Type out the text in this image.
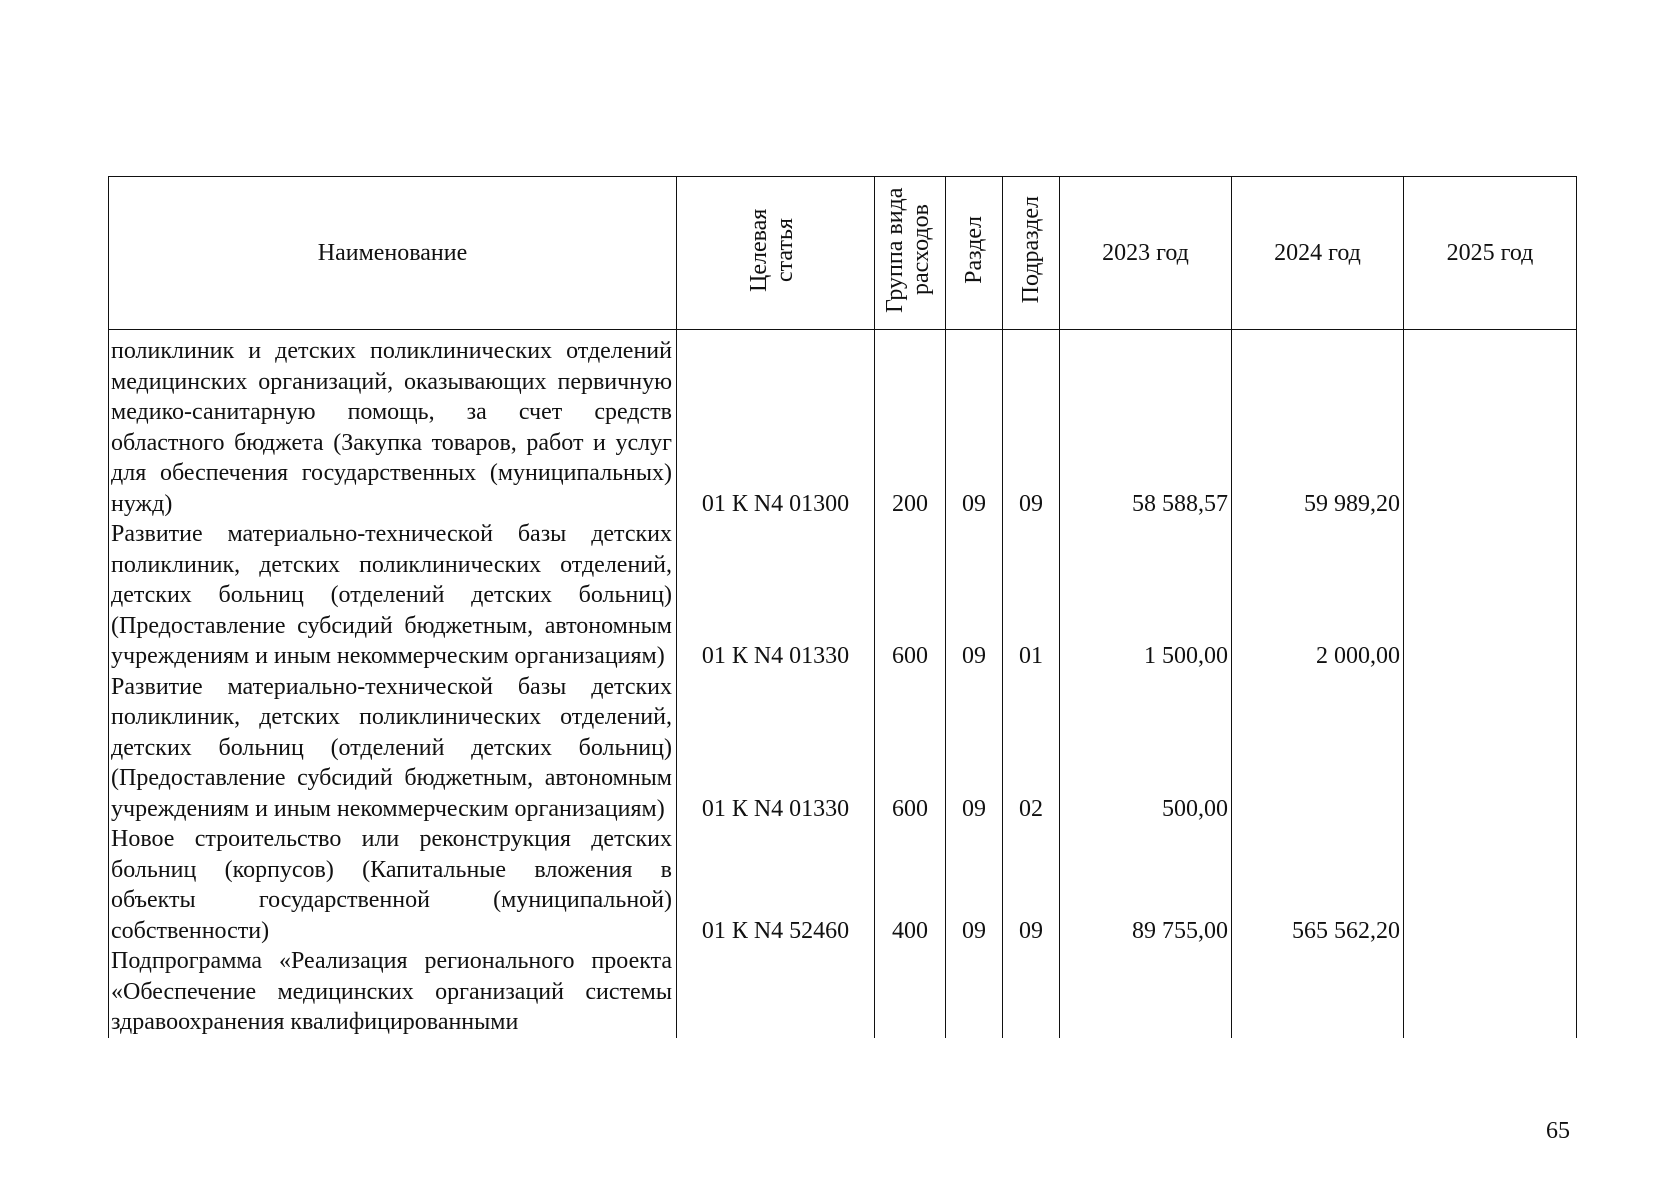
Наименование	Целевая статья	Группа вида расходов	Раздел	Подраздел	2023 год	2024 год	2025 год
поликлиник и детских поликлинических отделений медицинских организаций, оказывающих первичную медико-санитарную помощь, за счет средств областного бюджета (Закупка товаров, работ и услуг для обеспечения государственных (муниципальных) нужд)	01 К N4 01300	200	09	09	58 588,57	59 989,20	
Развитие материально-технической базы детских поликлиник, детских поликлинических отделений, детских больниц (отделений детских больниц) (Предоставление субсидий бюджетным, автономным учреждениям и иным некоммерческим организациям)	01 К N4 01330	600	09	01	1 500,00	2 000,00	
Развитие материально-технической базы детских поликлиник, детских поликлинических отделений, детских больниц (отделений детских больниц) (Предоставление субсидий бюджетным, автономным учреждениям и иным некоммерческим организациям)	01 К N4 01330	600	09	02	500,00		
Новое строительство или реконструкция детских больниц (корпусов) (Капитальные вложения в объекты государственной (муниципальной) собственности)	01 К N4 52460	400	09	09	89 755,00	565 562,20	
Подпрограмма «Реализация регионального проекта «Обеспечение медицинских организаций системы здравоохранения квалифицированными							
65
